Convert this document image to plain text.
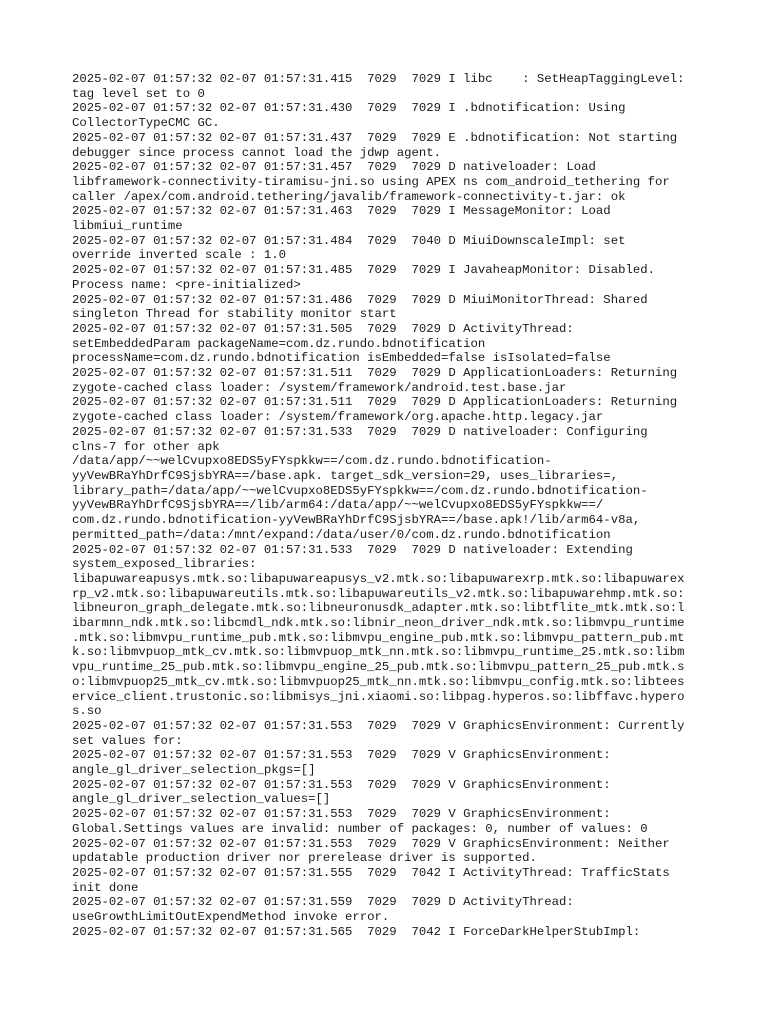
2025-02-07 01:57:32 02-07 01:57:31.415  7029  7029 I libc    : SetHeapTaggingLevel:
tag level set to 0
2025-02-07 01:57:32 02-07 01:57:31.430  7029  7029 I .bdnotification: Using
CollectorTypeCMC GC.
2025-02-07 01:57:32 02-07 01:57:31.437  7029  7029 E .bdnotification: Not starting
debugger since process cannot load the jdwp agent.
2025-02-07 01:57:32 02-07 01:57:31.457  7029  7029 D nativeloader: Load
libframework-connectivity-tiramisu-jni.so using APEX ns com_android_tethering for
caller /apex/com.android.tethering/javalib/framework-connectivity-t.jar: ok
2025-02-07 01:57:32 02-07 01:57:31.463  7029  7029 I MessageMonitor: Load
libmiui_runtime
2025-02-07 01:57:32 02-07 01:57:31.484  7029  7040 D MiuiDownscaleImpl: set
override inverted scale : 1.0
2025-02-07 01:57:32 02-07 01:57:31.485  7029  7029 I JavaheapMonitor: Disabled.
Process name: <pre-initialized>
2025-02-07 01:57:32 02-07 01:57:31.486  7029  7029 D MiuiMonitorThread: Shared
singleton Thread for stability monitor start
2025-02-07 01:57:32 02-07 01:57:31.505  7029  7029 D ActivityThread:
setEmbeddedParam packageName=com.dz.rundo.bdnotification
processName=com.dz.rundo.bdnotification isEmbedded=false isIsolated=false
2025-02-07 01:57:32 02-07 01:57:31.511  7029  7029 D ApplicationLoaders: Returning
zygote-cached class loader: /system/framework/android.test.base.jar
2025-02-07 01:57:32 02-07 01:57:31.511  7029  7029 D ApplicationLoaders: Returning
zygote-cached class loader: /system/framework/org.apache.http.legacy.jar
2025-02-07 01:57:32 02-07 01:57:31.533  7029  7029 D nativeloader: Configuring
clns-7 for other apk
/data/app/~~welCvupxo8EDS5yFYspkkw==/com.dz.rundo.bdnotification-
yyVewBRaYhDrfC9SjsbYRA==/base.apk. target_sdk_version=29, uses_libraries=,
library_path=/data/app/~~welCvupxo8EDS5yFYspkkw==/com.dz.rundo.bdnotification-
yyVewBRaYhDrfC9SjsbYRA==/lib/arm64:/data/app/~~welCvupxo8EDS5yFYspkkw==/
com.dz.rundo.bdnotification-yyVewBRaYhDrfC9SjsbYRA==/base.apk!/lib/arm64-v8a,
permitted_path=/data:/mnt/expand:/data/user/0/com.dz.rundo.bdnotification
2025-02-07 01:57:32 02-07 01:57:31.533  7029  7029 D nativeloader: Extending
system_exposed_libraries:
libapuwareapusys.mtk.so:libapuwareapusys_v2.mtk.so:libapuwarexrp.mtk.so:libapuwarex
rp_v2.mtk.so:libapuwareutils.mtk.so:libapuwareutils_v2.mtk.so:libapuwarehmp.mtk.so:
libneuron_graph_delegate.mtk.so:libneuronusdk_adapter.mtk.so:libtflite_mtk.mtk.so:l
ibarmnn_ndk.mtk.so:libcmdl_ndk.mtk.so:libnir_neon_driver_ndk.mtk.so:libmvpu_runtime
.mtk.so:libmvpu_runtime_pub.mtk.so:libmvpu_engine_pub.mtk.so:libmvpu_pattern_pub.mt
k.so:libmvpuop_mtk_cv.mtk.so:libmvpuop_mtk_nn.mtk.so:libmvpu_runtime_25.mtk.so:libm
vpu_runtime_25_pub.mtk.so:libmvpu_engine_25_pub.mtk.so:libmvpu_pattern_25_pub.mtk.s
o:libmvpuop25_mtk_cv.mtk.so:libmvpuop25_mtk_nn.mtk.so:libmvpu_config.mtk.so:libtees
ervice_client.trustonic.so:libmisys_jni.xiaomi.so:libpag.hyperos.so:libffavc.hypero
s.so
2025-02-07 01:57:32 02-07 01:57:31.553  7029  7029 V GraphicsEnvironment: Currently
set values for:
2025-02-07 01:57:32 02-07 01:57:31.553  7029  7029 V GraphicsEnvironment:
angle_gl_driver_selection_pkgs=[]
2025-02-07 01:57:32 02-07 01:57:31.553  7029  7029 V GraphicsEnvironment:
angle_gl_driver_selection_values=[]
2025-02-07 01:57:32 02-07 01:57:31.553  7029  7029 V GraphicsEnvironment:
Global.Settings values are invalid: number of packages: 0, number of values: 0
2025-02-07 01:57:32 02-07 01:57:31.553  7029  7029 V GraphicsEnvironment: Neither
updatable production driver nor prerelease driver is supported.
2025-02-07 01:57:32 02-07 01:57:31.555  7029  7042 I ActivityThread: TrafficStats
init done
2025-02-07 01:57:32 02-07 01:57:31.559  7029  7029 D ActivityThread:
useGrowthLimitOutExpendMethod invoke error.
2025-02-07 01:57:32 02-07 01:57:31.565  7029  7042 I ForceDarkHelperStubImpl:
